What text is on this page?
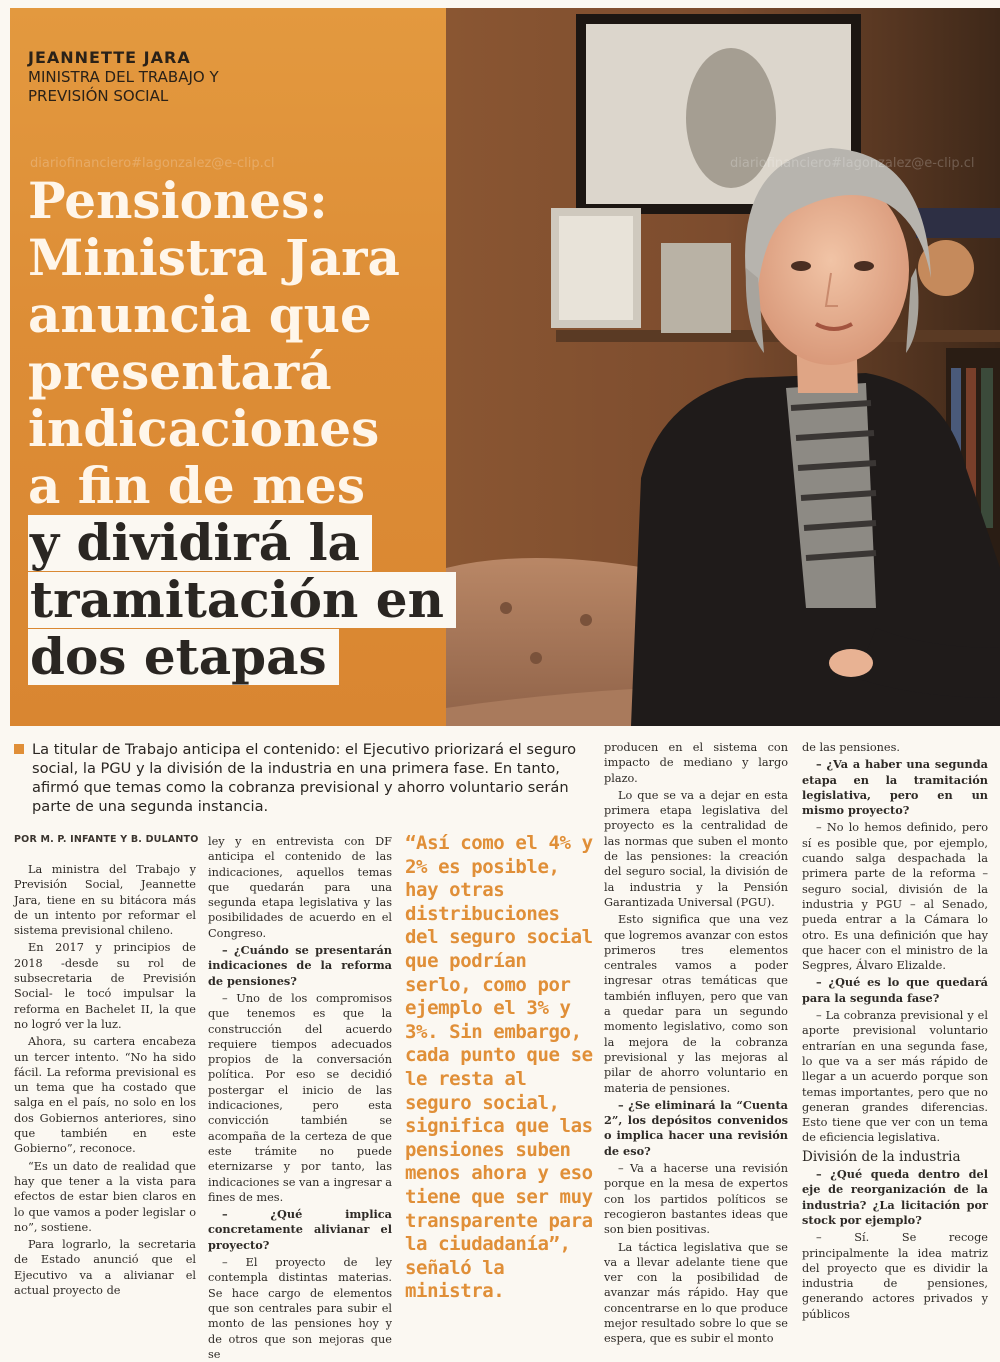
JEANNETTE JARA
MINISTRA DEL TRABAJO Y PREVISIÓN SOCIAL
Pensiones:
Ministra Jara
anuncia que
presentará
indicaciones
a fin de mes
y dividirá la
tramitación en
dos etapas
diariofinanciero#lagonzalez@e-clip.cl	diariofinanciero#lagonzalez@e-clip.cl
La titular de Trabajo anticipa el contenido: el Ejecutivo priorizará el seguro social, la PGU y la división de la industria en una primera fase. En tanto, afirmó que temas como la cobranza previsional y ahorro voluntario serán parte de una segunda instancia.
POR M. P. INFANTE Y B. DULANTO

La ministra del Trabajo y Previsión Social, Jeannette Jara, tiene en su bitácora más de un intento por reformar el sistema previsional chileno.

En 2017 y principios de 2018 -desde su rol de subsecretaria de Previsión Social- le tocó impulsar la reforma en Bachelet II, la que no logró ver la luz.

Ahora, su cartera encabeza un tercer intento. “No ha sido fácil. La reforma previsional es un tema que ha costado que salga en el país, no solo en los dos Gobiernos anteriores, sino que también en este Gobierno”, reconoce.

“Es un dato de realidad que hay que tener a la vista para efectos de estar bien claros en lo que vamos a poder legislar o no”, sostiene.

Para lograrlo, la secretaria de Estado anunció que el Ejecutivo va a alivianar el actual proyecto de

ley y en entrevista con DF anticipa el contenido de las indicaciones, aquellos temas que quedarán para una segunda etapa legislativa y las posibilidades de acuerdo en el Congreso.

– ¿Cuándo se presentarán indicaciones de la reforma de pensiones?

– Uno de los compromisos que tenemos es que la construcción del acuerdo requiere tiempos adecuados propios de la conversación política. Por eso se decidió postergar el inicio de las indicaciones, pero esta convicción también se acompaña de la certeza de que este trámite no puede eternizarse y por tanto, las indicaciones se van a ingresar a fines de mes.

– ¿Qué implica concretamente alivianar el proyecto?

– El proyecto de ley contempla distintas materias. Se hace cargo de elementos que son centrales para subir el monto de las pensiones hoy y de otros que son mejoras que se

“Así como el 4% y 2% es posible, hay otras distribuciones del seguro social que podrían serlo, como por ejemplo el 3% y 3%. Sin embargo, cada punto que se le resta al seguro social, significa que las pensiones suben menos ahora y eso tiene que ser muy transparente para la ciudadanía”, señaló la ministra.

producen en el sistema con impacto de mediano y largo plazo.

Lo que se va a dejar en esta primera etapa legislativa del proyecto es la centralidad de las normas que suben el monto de las pensiones: la creación del seguro social, la división de la industria y la Pensión Garantizada Universal (PGU).

Esto significa que una vez que logremos avanzar con estos primeros tres elementos centrales vamos a poder ingresar otras temáticas que también influyen, pero que van a quedar para un segundo momento legislativo, como son la mejora de la cobranza previsional y las mejoras al pilar de ahorro voluntario en materia de pensiones.

– ¿Se eliminará la “Cuenta 2”, los depósitos convenidos o implica hacer una revisión de eso?

– Va a hacerse una revisión porque en la mesa de expertos con los partidos políticos se recogieron bastantes ideas que son bien positivas.

La táctica legislativa que se va a llevar adelante tiene que ver con la posibilidad de avanzar más rápido. Hay que concentrarse en lo que produce mejor resultado sobre lo que se espera, que es subir el monto

de las pensiones.

– ¿Va a haber una segunda etapa en la tramitación legislativa, pero en un mismo proyecto?

– No lo hemos definido, pero sí es posible que, por ejemplo, cuando salga despachada la primera parte de la reforma –seguro social, división de la industria y PGU – al Senado, pueda entrar a la Cámara lo otro. Es una definición que hay que hacer con el ministro de la Segpres, Álvaro Elizalde.

– ¿Qué es lo que quedará para la segunda fase?

– La cobranza previsional y el aporte previsional voluntario entrarían en una segunda fase, lo que va a ser más rápido de llegar a un acuerdo porque son temas importantes, pero que no generan grandes diferencias. Esto tiene que ver con un tema de eficiencia legislativa.

División de la industria

– ¿Qué queda dentro del eje de reorganización de la industria? ¿La licitación por stock por ejemplo?

– Sí. Se recoge principalmente la idea matriz del proyecto que es dividir la industria de pensiones, generando actores privados y públicos
